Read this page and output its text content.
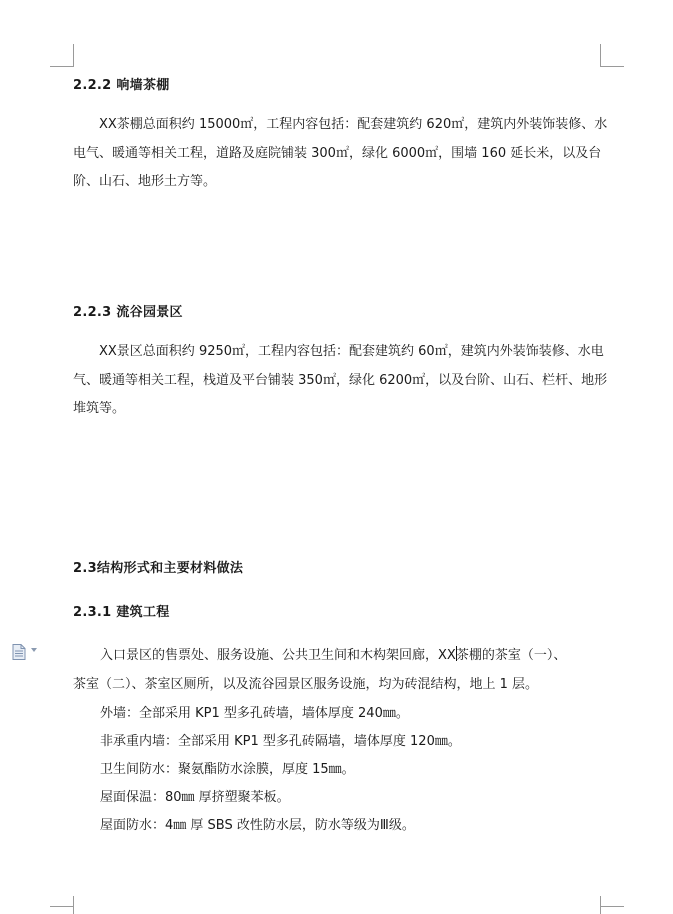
2.2.2 响墙茶棚

XX茶棚总面积约 15000㎡，工程内容包括：配套建筑约 620㎡，建筑内外装饰装修、水电气、暖通等相关工程，道路及庭院铺装 300㎡，绿化 6000㎡，围墙 160 延长米，以及台阶、山石、地形土方等。

2.2.3 流谷园景区

XX景区总面积约 9250㎡，工程内容包括：配套建筑约 60㎡，建筑内外装饰装修、水电气、暖通等相关工程，栈道及平台铺装 350㎡，绿化 6200㎡，以及台阶、山石、栏杆、地形堆筑等。

2.3结构形式和主要材料做法
2.3.1 建筑工程
入口景区的售票处、服务设施、公共卫生间和木构架回廊，XX茶棚的茶室（一）、
茶室（二）、茶室区厕所，以及流谷园景区服务设施，均为砖混结构，地上 1 层。
外墙：全部采用 KP1 型多孔砖墙，墙体厚度 240㎜。
非承重内墙：全部采用 KP1 型多孔砖隔墙，墙体厚度 120㎜。
卫生间防水：聚氨酯防水涂膜，厚度 15㎜。
屋面保温：80㎜ 厚挤塑聚苯板。
屋面防水：4㎜ 厚 SBS 改性防水层，防水等级为Ⅲ级。
